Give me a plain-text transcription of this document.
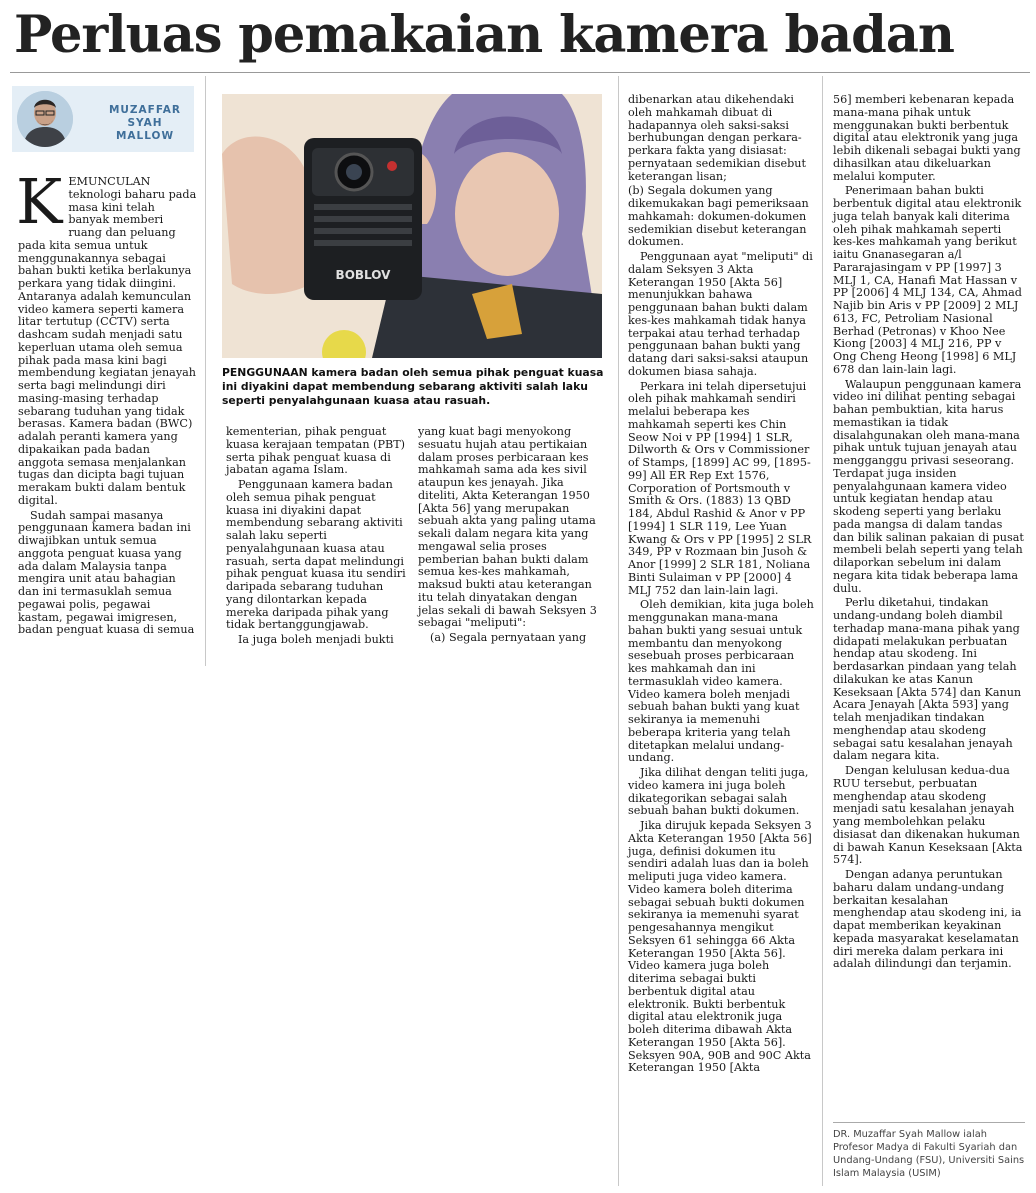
Perluas pemakaian kamera badan
MUZAFFAR
SYAH
MALLOW
BOBLOV
PENGGUNAAN kamera badan oleh semua pihak penguat kuasa ini diyakini dapat membendung sebarang aktiviti salah laku seperti penyalahgunaan kuasa atau rasuah.

KEMUNCULAN teknologi baharu pada masa kini telah banyak memberi ruang dan peluang pada kita semua untuk menggunakannya sebagai bahan bukti ketika berlakunya perkara yang tidak diingini. Antaranya adalah kemunculan video kamera seperti kamera litar tertutup (CCTV) serta dashcam sudah menjadi satu keperluan utama oleh semua pihak pada masa kini bagi membendung kegiatan jenayah serta bagi melindungi diri masing-masing terhadap sebarang tuduhan yang tidak berasas. Kamera badan (BWC) adalah peranti kamera yang dipakaikan pada badan anggota semasa menjalankan tugas dan dicipta bagi tujuan merakam bukti dalam bentuk digital.

Sudah sampai masanya penggunaan kamera badan ini diwajibkan untuk semua anggota penguat kuasa yang ada dalam Malaysia tanpa mengira unit atau bahagian dan ini termasuklah semua pegawai polis, pegawai kastam, pegawai imigresen, badan penguat kuasa di semua

kementerian, pihak penguat kuasa kerajaan tempatan (PBT) serta pihak penguat kuasa di jabatan agama Islam.

Penggunaan kamera badan oleh semua pihak penguat kuasa ini diyakini dapat membendung sebarang aktiviti salah laku seperti penyalahgunaan kuasa atau rasuah, serta dapat melindungi pihak penguat kuasa itu sendiri daripada sebarang tuduhan yang dilontarkan kepada mereka daripada pihak yang tidak bertanggungjawab.

Ia juga boleh menjadi bukti

yang kuat bagi menyokong sesuatu hujah atau pertikaian dalam proses perbicaraan kes mahkamah sama ada kes sivil ataupun kes jenayah. Jika diteliti, Akta Keterangan 1950 [Akta 56] yang merupakan sebuah akta yang paling utama sekali dalam negara kita yang mengawal selia proses pemberian bahan bukti dalam semua kes-kes mahkamah, maksud bukti atau keterangan itu telah dinyatakan dengan jelas sekali di bawah Seksyen 3 sebagai "meliputi":

(a) Segala pernyataan yang

dibenarkan atau dikehendaki oleh mahkamah dibuat di hadapannya oleh saksi-saksi berhubungan dengan perkara-perkara fakta yang disiasat: pernyataan sedemikian disebut keterangan lisan;

(b) Segala dokumen yang dikemukakan bagi pemeriksaan mahkamah: dokumen-dokumen sedemikian disebut keterangan dokumen.

Penggunaan ayat "meliputi" di dalam Seksyen 3 Akta Keterangan 1950 [Akta 56] menunjukkan bahawa penggunaan bahan bukti dalam kes-kes mahkamah tidak hanya terpakai atau terhad terhadap penggunaan bahan bukti yang datang dari saksi-saksi ataupun dokumen biasa sahaja.

Perkara ini telah dipersetujui oleh pihak mahkamah sendiri melalui beberapa kes mahkamah seperti kes Chin Seow Noi v PP [1994] 1 SLR, Dilworth & Ors v Commissioner of Stamps, [1899] AC 99, [1895-99] All ER Rep Ext 1576, Corporation of Portsmouth v Smith & Ors. (1883) 13 QBD 184, Abdul Rashid & Anor v PP [1994] 1 SLR 119, Lee Yuan Kwang & Ors v PP [1995] 2 SLR 349, PP v Rozmaan bin Jusoh & Anor [1999] 2 SLR 181, Noliana Binti Sulaiman v PP [2000] 4 MLJ 752 dan lain-lain lagi.

Oleh demikian, kita juga boleh menggunakan mana-mana bahan bukti yang sesuai untuk membantu dan menyokong sesebuah proses perbicaraan kes mahkamah dan ini termasuklah video kamera. Video kamera boleh menjadi sebuah bahan bukti yang kuat sekiranya ia memenuhi beberapa kriteria yang telah ditetapkan melalui undang-undang.

Jika dilihat dengan teliti juga, video kamera ini juga boleh dikategorikan sebagai salah sebuah bahan bukti dokumen.

Jika dirujuk kepada Seksyen 3 Akta Keterangan 1950 [Akta 56] juga, definisi dokumen itu sendiri adalah luas dan ia boleh meliputi juga video kamera. Video kamera boleh diterima sebagai sebuah bukti dokumen sekiranya ia memenuhi syarat pengesahannya mengikut Seksyen 61 sehingga 66 Akta Keterangan 1950 [Akta 56]. Video kamera juga boleh diterima sebagai bukti berbentuk digital atau elektronik. Bukti berbentuk digital atau elektronik juga boleh diterima dibawah Akta Keterangan 1950 [Akta 56]. Seksyen 90A, 90B and 90C Akta Keterangan 1950 [Akta

56] memberi kebenaran kepada mana-mana pihak untuk menggunakan bukti berbentuk digital atau elektronik yang juga lebih dikenali sebagai bukti yang dihasilkan atau dikeluarkan melalui komputer.

Penerimaan bahan bukti berbentuk digital atau elektronik juga telah banyak kali diterima oleh pihak mahkamah seperti kes-kes mahkamah yang berikut iaitu Gnanasegaran a/l Pararajasingam v PP [1997] 3 MLJ 1, CA, Hanafi Mat Hassan v PP [2006] 4 MLJ 134, CA, Ahmad Najib bin Aris v PP [2009] 2 MLJ 613, FC, Petroliam Nasional Berhad (Petronas) v Khoo Nee Kiong [2003] 4 MLJ 216, PP v Ong Cheng Heong [1998] 6 MLJ 678 dan lain-lain lagi.

Walaupun penggunaan kamera video ini dilihat penting sebagai bahan pembuktian, kita harus memastikan ia tidak disalahgunakan oleh mana-mana pihak untuk tujuan jenayah atau mengganggu privasi seseorang. Terdapat juga insiden penyalahgunaan kamera video untuk kegiatan hendap atau skodeng seperti yang berlaku pada mangsa di dalam tandas dan bilik salinan pakaian di pusat membeli belah seperti yang telah dilaporkan sebelum ini dalam negara kita tidak beberapa lama dulu.

Perlu diketahui, tindakan undang-undang boleh diambil terhadap mana-mana pihak yang didapati melakukan perbuatan hendap atau skodeng. Ini berdasarkan pindaan yang telah dilakukan ke atas Kanun Keseksaan [Akta 574] dan Kanun Acara Jenayah [Akta 593] yang telah menjadikan tindakan menghendap atau skodeng sebagai satu kesalahan jenayah dalam negara kita.

Dengan kelulusan kedua-dua RUU tersebut, perbuatan menghendap atau skodeng menjadi satu kesalahan jenayah yang membolehkan pelaku disiasat dan dikenakan hukuman di bawah Kanun Keseksaan [Akta 574].

Dengan adanya peruntukan baharu dalam undang-undang berkaitan kesalahan menghendap atau skodeng ini, ia dapat memberikan keyakinan kepada masyarakat keselamatan diri mereka dalam perkara ini adalah dilindungi dan terjamin.

DR. Muzaffar Syah Mallow ialah Profesor Madya di Fakulti Syariah dan Undang-Undang (FSU), Universiti Sains Islam Malaysia (USIM)
